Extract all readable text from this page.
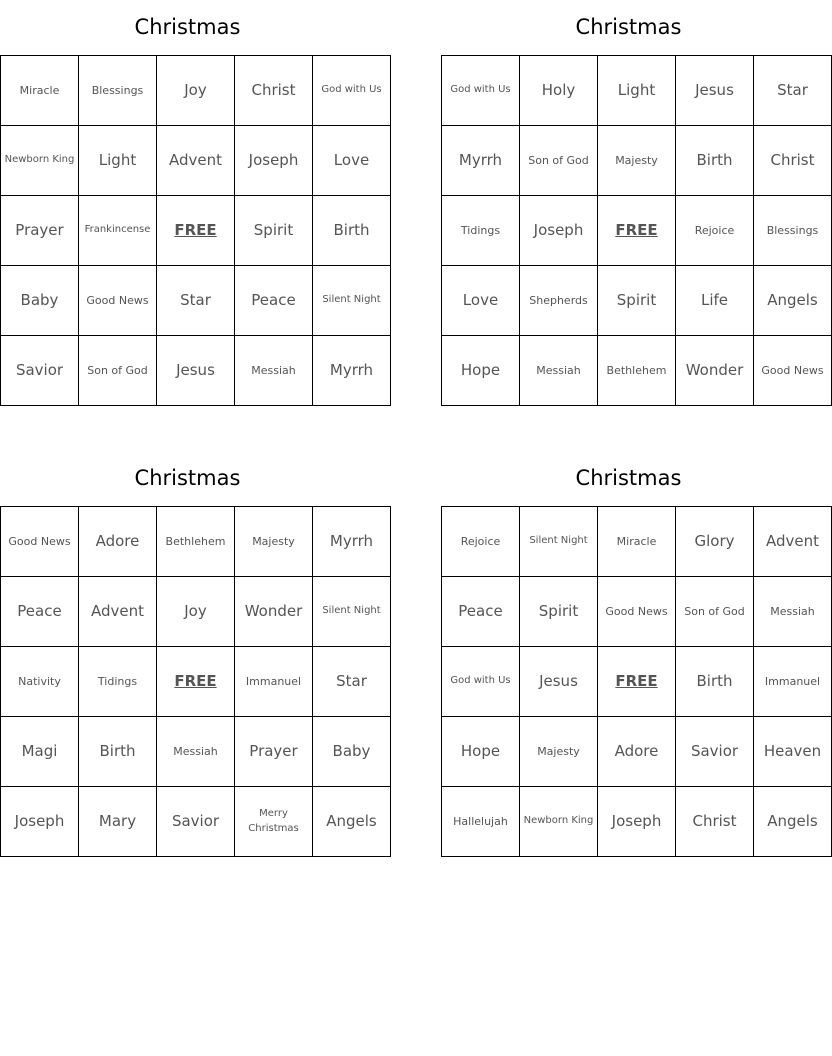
Christmas
Miracle	Blessings	Joy	Christ	God with Us
Newborn King	Light	Advent	Joseph	Love
Prayer	Frankincense	FREE	Spirit	Birth
Baby	Good News	Star	Peace	Silent Night
Savior	Son of God	Jesus	Messiah	Myrrh
Christmas
God with Us	Holy	Light	Jesus	Star
Myrrh	Son of God	Majesty	Birth	Christ
Tidings	Joseph	FREE	Rejoice	Blessings
Love	Shepherds	Spirit	Life	Angels
Hope	Messiah	Bethlehem	Wonder	Good News
Christmas
Good News	Adore	Bethlehem	Majesty	Myrrh
Peace	Advent	Joy	Wonder	Silent Night
Nativity	Tidings	FREE	Immanuel	Star
Magi	Birth	Messiah	Prayer	Baby
Joseph	Mary	Savior	Merry Christmas	Angels
Christmas
Rejoice	Silent Night	Miracle	Glory	Advent
Peace	Spirit	Good News	Son of God	Messiah
God with Us	Jesus	FREE	Birth	Immanuel
Hope	Majesty	Adore	Savior	Heaven
Hallelujah	Newborn King	Joseph	Christ	Angels
